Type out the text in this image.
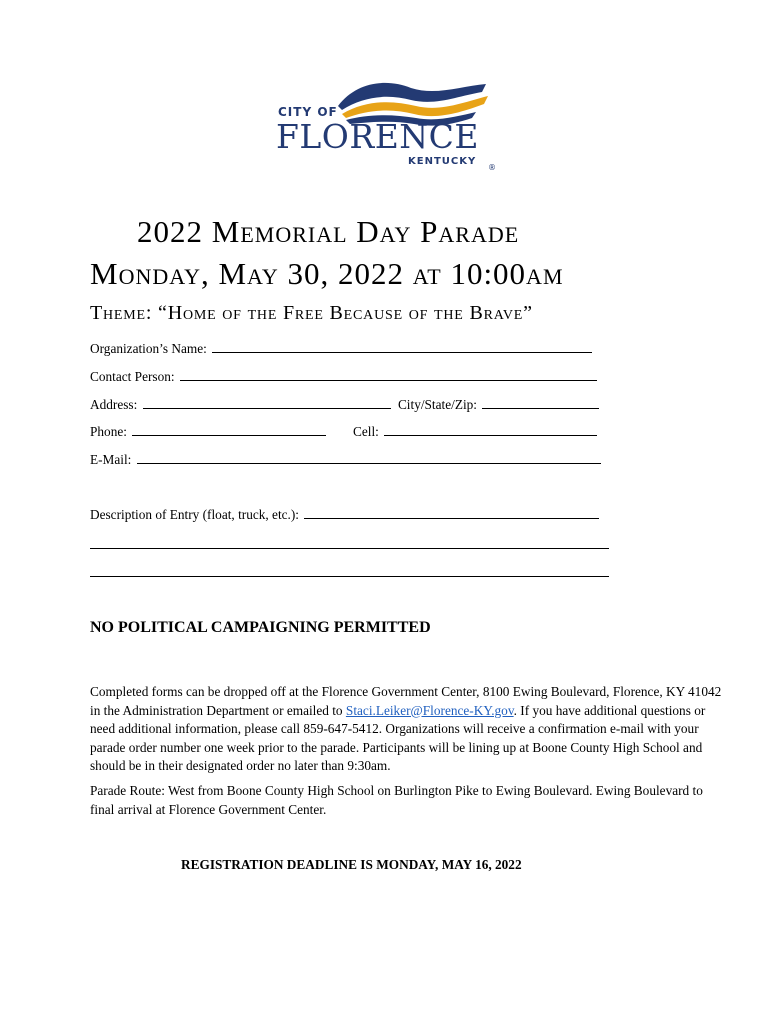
CITY OF
FLORENCE
KENTUCKY
®
2022 Memorial Day Parade
Monday, May 30, 2022 at 10:00am
Theme: “Home of the Free Because of the Brave”
Organization’s Name:
Contact Person:
Address:	City/State/Zip:
Phone:	Cell:
E-Mail:
Description of Entry (float, truck, etc.):
NO POLITICAL CAMPAIGNING PERMITTED

Completed forms can be dropped off at the Florence Government Center, 8100 Ewing Boulevard, Florence, KY 41042 in the Administration Department or emailed to Staci.Leiker@Florence-KY.gov. If you have additional questions or need additional information, please call 859-647-5412. Organizations will receive a confirmation e-mail with your parade order number one week prior to the parade. Participants will be lining up at Boone County High School and should be in their designated order no later than 9:30am.

Parade Route: West from Boone County High School on Burlington Pike to Ewing Boulevard. Ewing Boulevard to final arrival at Florence Government Center.

REGISTRATION DEADLINE IS MONDAY, MAY 16, 2022
